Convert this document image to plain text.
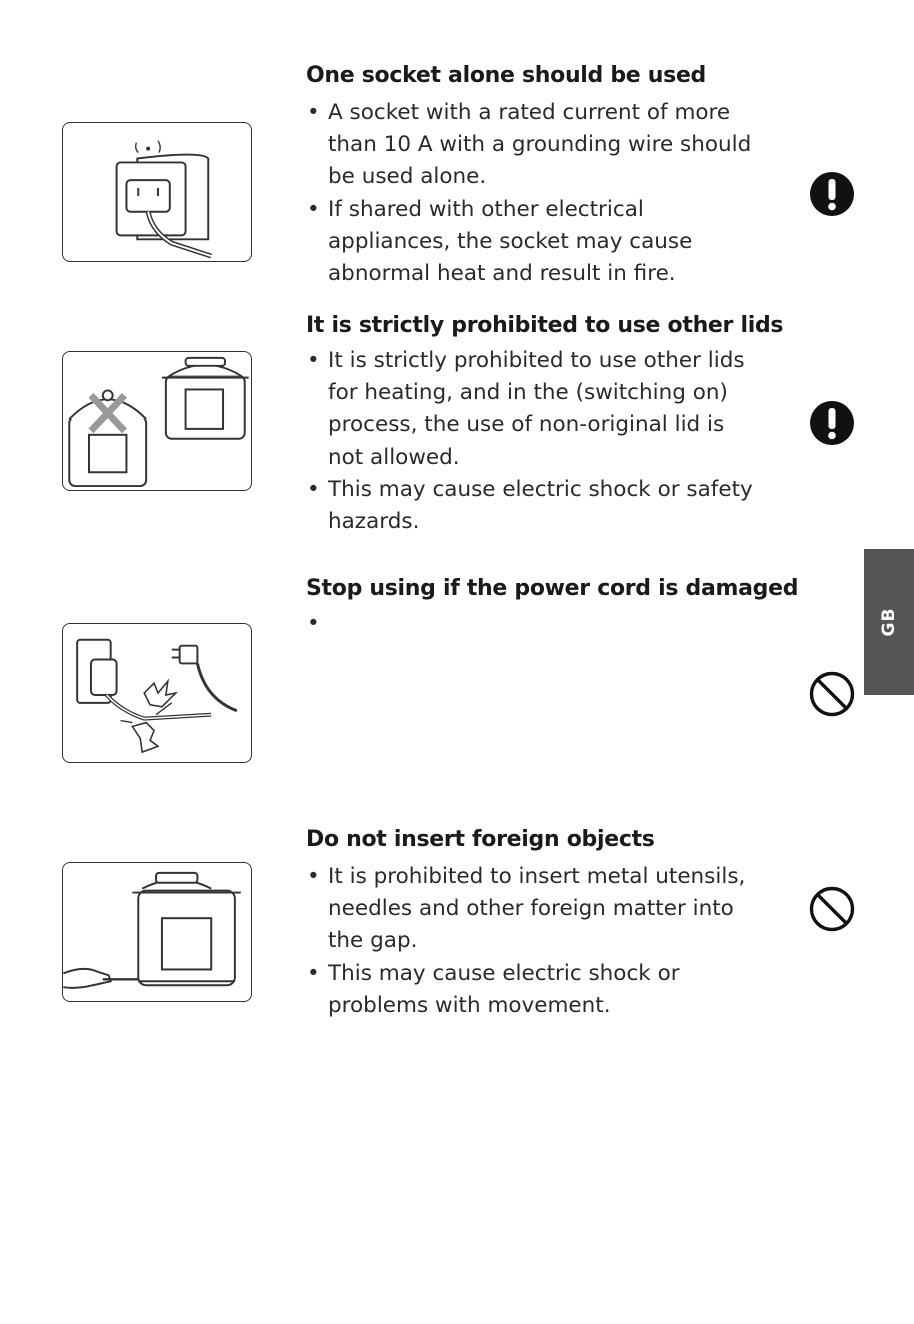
One socket alone should be used
• A socket with a rated current of more than 10 A with a grounding wire should be used alone.
• If shared with other electrical appliances, the socket may cause abnormal heat and result in fire.
It is strictly prohibited to use other lids
• It is strictly prohibited to use other lids for heating, and in the (switching on) process, the use of non-original lid is not allowed.
• This may cause electric shock or safety hazards.
Stop using if the power cord is damaged
Do not insert foreign objects
• It is prohibited to insert metal utensils, needles and other foreign matter into the gap.
• This may cause electric shock or problems with movement.
GB
